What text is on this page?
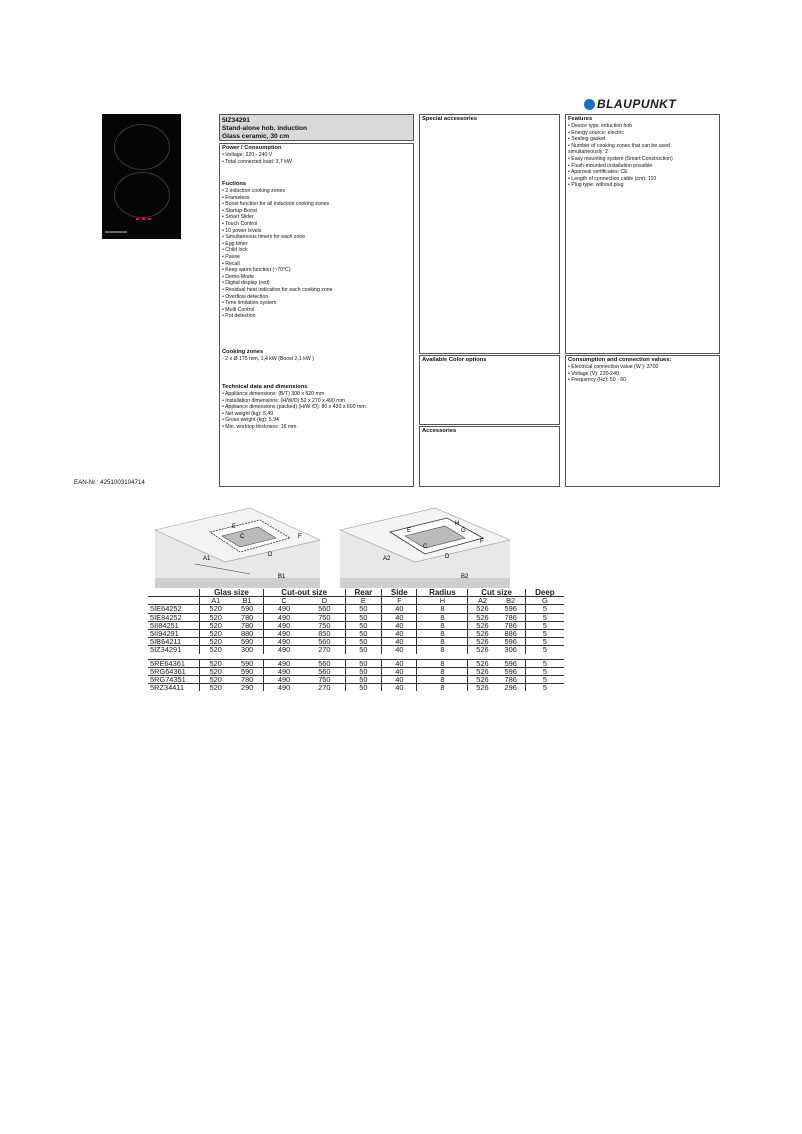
BLAUPUNKT
5IZ34291
Stand-alone hob. induction
Glass ceramic, 30 cm
Power / Consumption
• Voltage: 220 - 240 V
• Total connected load: 3,7 kW
Fuctions
• 2 induction cooking zones
• Frameless
• Boost function for all induction cooking zones
• Startup-Boost
• Smart Slider
• Touch Control
• 10 power levels
• Simultaneous timers for each zone
• Egg timer
• Child lock
• Pause
• Recall
• Keep warm function (~70°C)
• Demo-Mode
• Digital display (red)
• Residual heat indication for each cooking zone
• Overflow detection
• Time limitation system
• Multi Control
• Pot detection
Cooking zones
- 2 x Ø 175 mm, 1,4 kW (Boost 2,1 kW )
Technical data and dimensions
• Appliance dimensions: (B/T) 300 x 520 mm
• Installation dimensions: (H/W/D) 52 x 270 x 490 mm
• Appliance dimensions (packed) (H/W /D): 80 x 430 x 600 mm
• Net weight (kg): 5,49
• Gross weight (kg): 5,94
• Min. worktop thickness: 16 mm
Special accessories
Available Color options
Accessories
Features
• Device type: induction hob
• Energy source: electric
• Sealing gasket
• Number of cooking zones that can be used
simultaneously: 2
• Easy mounting system (Smart Construction)
• Flush-mounted installation possible
• Approval certificates: CE
• Length of connection cable (cm): 110
• Plug type: without plug
Consumption and connection values:
• Electrical connection value (W ): 3700
• Voltage (V): 220-240
• Frequency (Hz): 50 - 60
EAN-Nr.: 4251003104714
E
F
C
D
A1
B1
E
H
G
F
C
D
A2
B2
	Glas size		Cut-out size		Rear	Side	Radius	Cut size		Deep
	A1	B1	C	D	E	F	H	A2	B2	G
5IE64252	520	590	490	560	50	40	8	526	596	5
5IE84252	520	780	490	750	50	40	8	526	786	5
5II84251	520	780	490	750	50	40	8	526	786	5
5II94291	520	880	490	850	50	40	8	526	886	5
5IB64211	520	590	490	560	50	40	8	526	596	5
5IZ34291	520	300	490	270	50	40	8	526	306	5

5RE64361	520	590	490	560	50	40	8	526	596	5
5RG64361	520	590	490	560	50	40	8	526	596	5
5RG74351	520	780	490	750	50	40	8	526	786	5
5RZ34411	520	290	490	270	50	40	8	526	296	5
